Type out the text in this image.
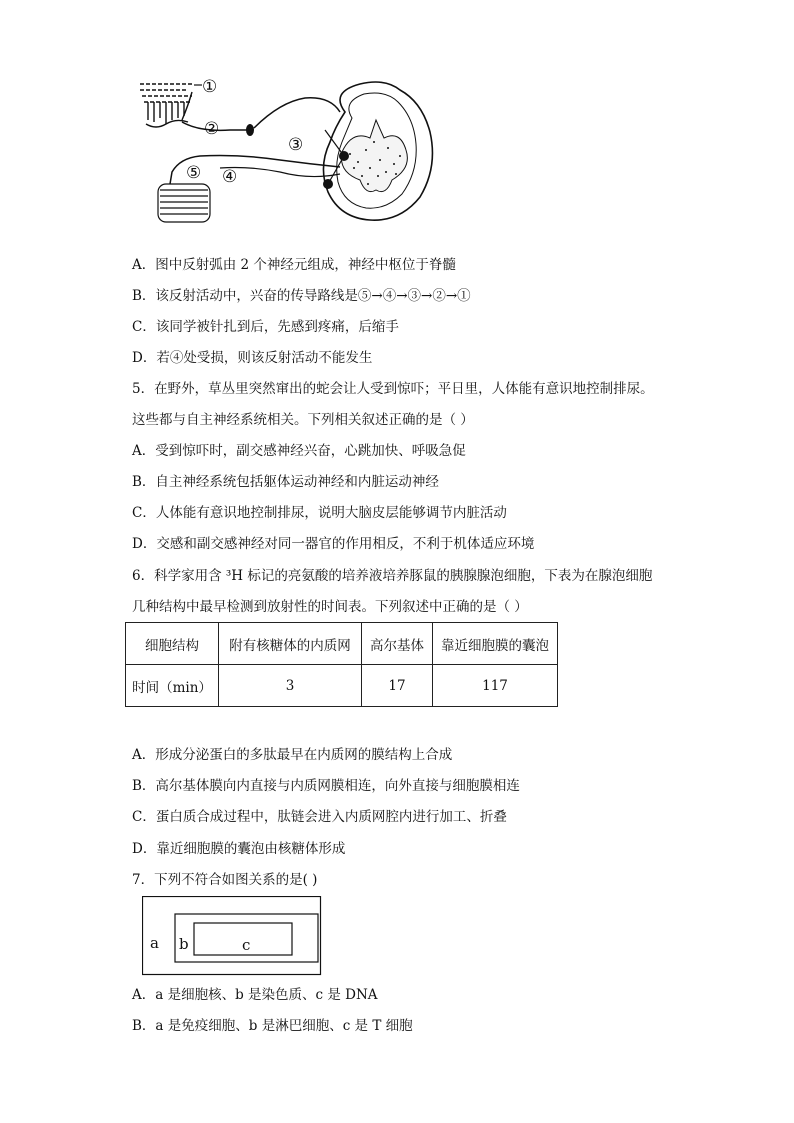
①
②
③
④
⑤
A．图中反射弧由 2 个神经元组成，神经中枢位于脊髓
B．该反射活动中，兴奋的传导路线是⑤→④→③→②→①
C．该同学被针扎到后，先感到疼痛，后缩手
D．若④处受损，则该反射活动不能发生
5．在野外，草丛里突然窜出的蛇会让人受到惊吓；平日里，人体能有意识地控制排尿。
这些都与自主神经系统相关。下列相关叙述正确的是（ ）
A．受到惊吓时，副交感神经兴奋，心跳加快、呼吸急促
B．自主神经系统包括躯体运动神经和内脏运动神经
C．人体能有意识地控制排尿，说明大脑皮层能够调节内脏活动
D．交感和副交感神经对同一器官的作用相反，不利于机体适应环境
6．科学家用含 ³H 标记的亮氨酸的培养液培养豚鼠的胰腺腺泡细胞，下表为在腺泡细胞
几种结构中最早检测到放射性的时间表。下列叙述中正确的是（ ）
细胞结构	附有核糖体的内质网	高尔基体	靠近细胞膜的囊泡
时间（min）	3	17	117
A．形成分泌蛋白的多肽最早在内质网的膜结构上合成
B．高尔基体膜向内直接与内质网膜相连，向外直接与细胞膜相连
C．蛋白质合成过程中，肽链会进入内质网腔内进行加工、折叠
D．靠近细胞膜的囊泡由核糖体形成
7．下列不符合如图关系的是( )
a b	c
A．a 是细胞核、b 是染色质、c 是 DNA
B．a 是免疫细胞、b 是淋巴细胞、c 是 T 细胞
